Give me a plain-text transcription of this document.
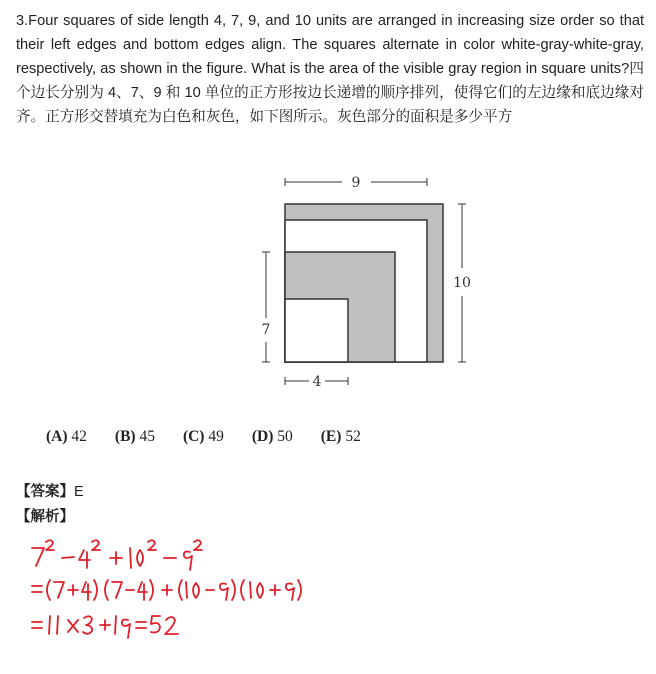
3.Four squares of side length 4, 7, 9, and 10 units are arranged in increasing size order so that their left edges and bottom edges align. The squares alternate in color white-gray-white-gray, respectively, as shown in the figure. What is the area of the visible gray region in square units?四个边长分别为 4、7、9 和 10 单位的正方形按边长递增的顺序排列，使得它们的左边缘和底边缘对齐。正方形交替填充为白色和灰色，如下图所示。灰色部分的面积是多少平方

9
10
7
4
(A) 42 (B) 45 (C) 49 (D) 50 (E) 52
【答案】E
【解析】
